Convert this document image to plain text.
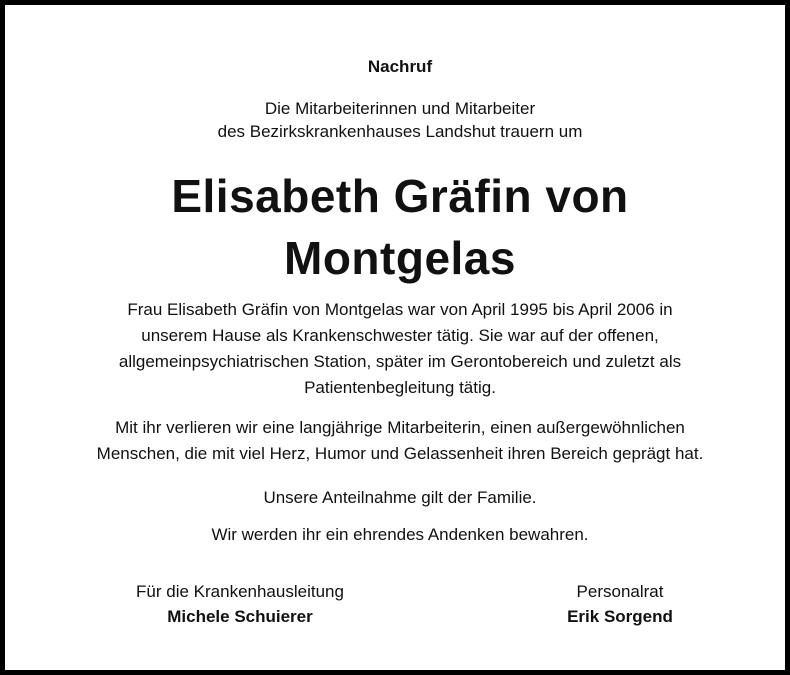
Nachruf
Die Mitarbeiterinnen und Mitarbeiter
des Bezirkskrankenhauses Landshut trauern um
Elisabeth Gräfin von
Montgelas
Frau Elisabeth Gräfin von Montgelas war von April 1995 bis April 2006 in
unserem Hause als Krankenschwester tätig. Sie war auf der offenen,
allgemeinpsychiatrischen Station, später im Gerontobereich und zuletzt als
Patientenbegleitung tätig.
Mit ihr verlieren wir eine langjährige Mitarbeiterin, einen außergewöhnlichen
Menschen, die mit viel Herz, Humor und Gelassenheit ihren Bereich geprägt hat.
Unsere Anteilnahme gilt der Familie.
Wir werden ihr ein ehrendes Andenken bewahren.
Für die Krankenhausleitung
Michele Schuierer
Personalrat
Erik Sorgend
